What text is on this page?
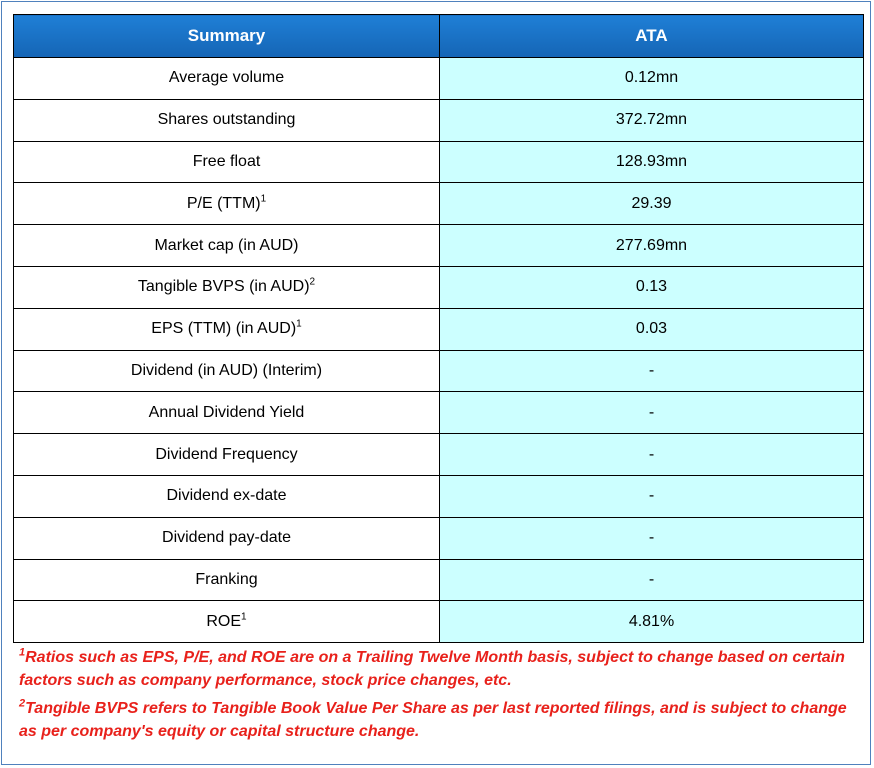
Summary	ATA
Average volume	0.12mn
Shares outstanding	372.72mn
Free float	128.93mn
P/E (TTM)$^1$	29.39
Market cap (in AUD)	277.69mn
Tangible BVPS (in AUD)$^2$	0.13
EPS (TTM) (in AUD)$^1$	0.03
Dividend (in AUD) (Interim)	-
Annual Dividend Yield	-
Dividend Frequency	-
Dividend ex-date	-
Dividend pay-date	-
Franking	-
ROE$^1$	4.81%
$^1$Ratios such as EPS, P/E, and ROE are on a Trailing Twelve Month basis, subject to change based on certain factors such as company performance, stock price changes, etc.
$^2$Tangible BVPS refers to Tangible Book Value Per Share as per last reported filings, and is subject to change as per company's equity or capital structure change.
